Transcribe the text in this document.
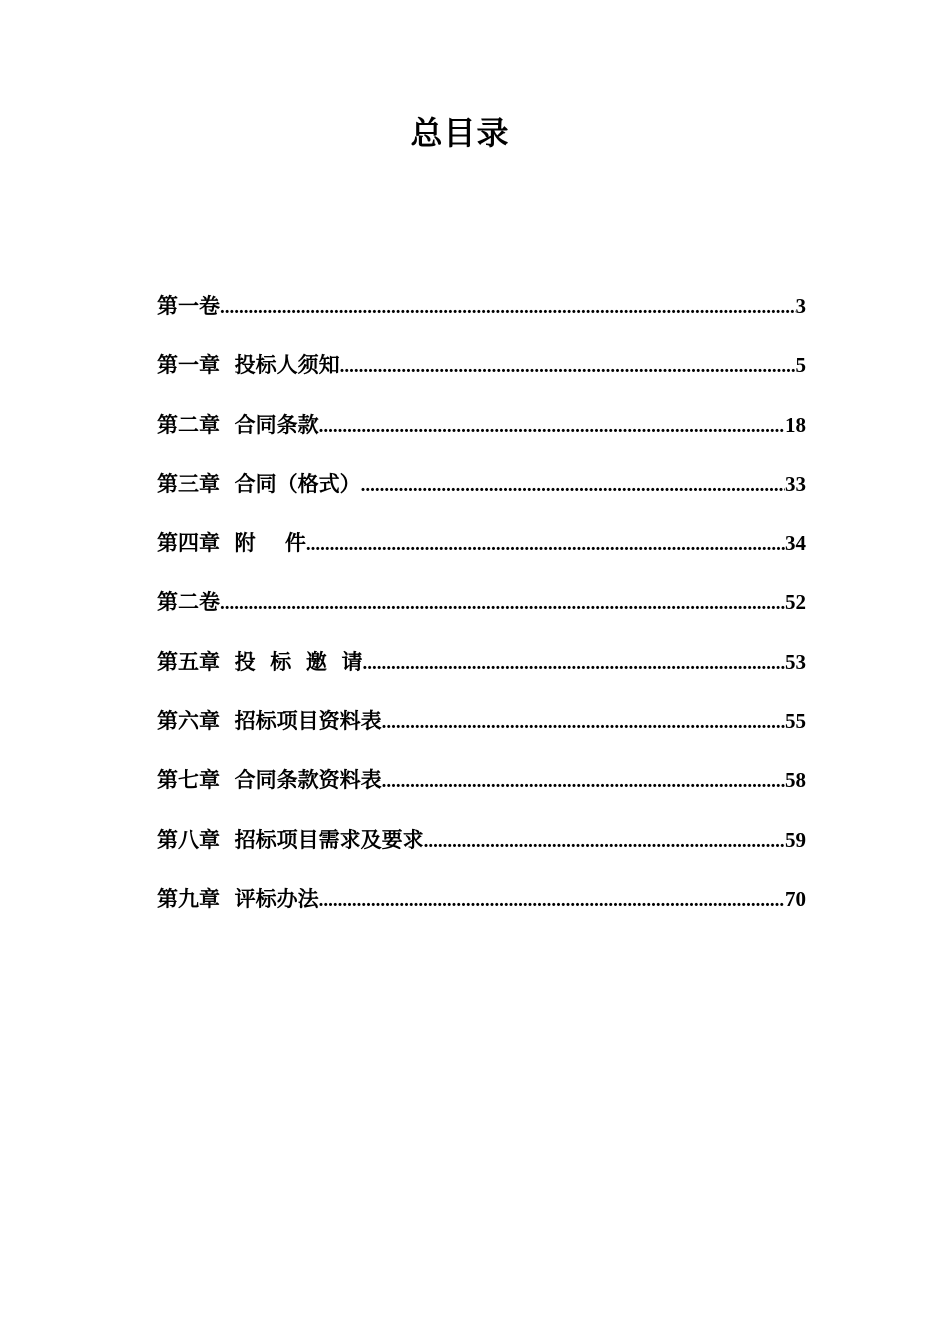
总目录
第一卷 .....	3
第一章  投标人须知 .....	5
第二章  合同条款 .....	18
第三章  合同（格式） .....	33
第四章  附    件 .....	34
第二卷 .....	52
第五章  投  标  邀  请 .....	53
第六章  招标项目资料表 .....	55
第七章  合同条款资料表 .....	58
第八章  招标项目需求及要求 .....	59
第九章  评标办法 .....	70
